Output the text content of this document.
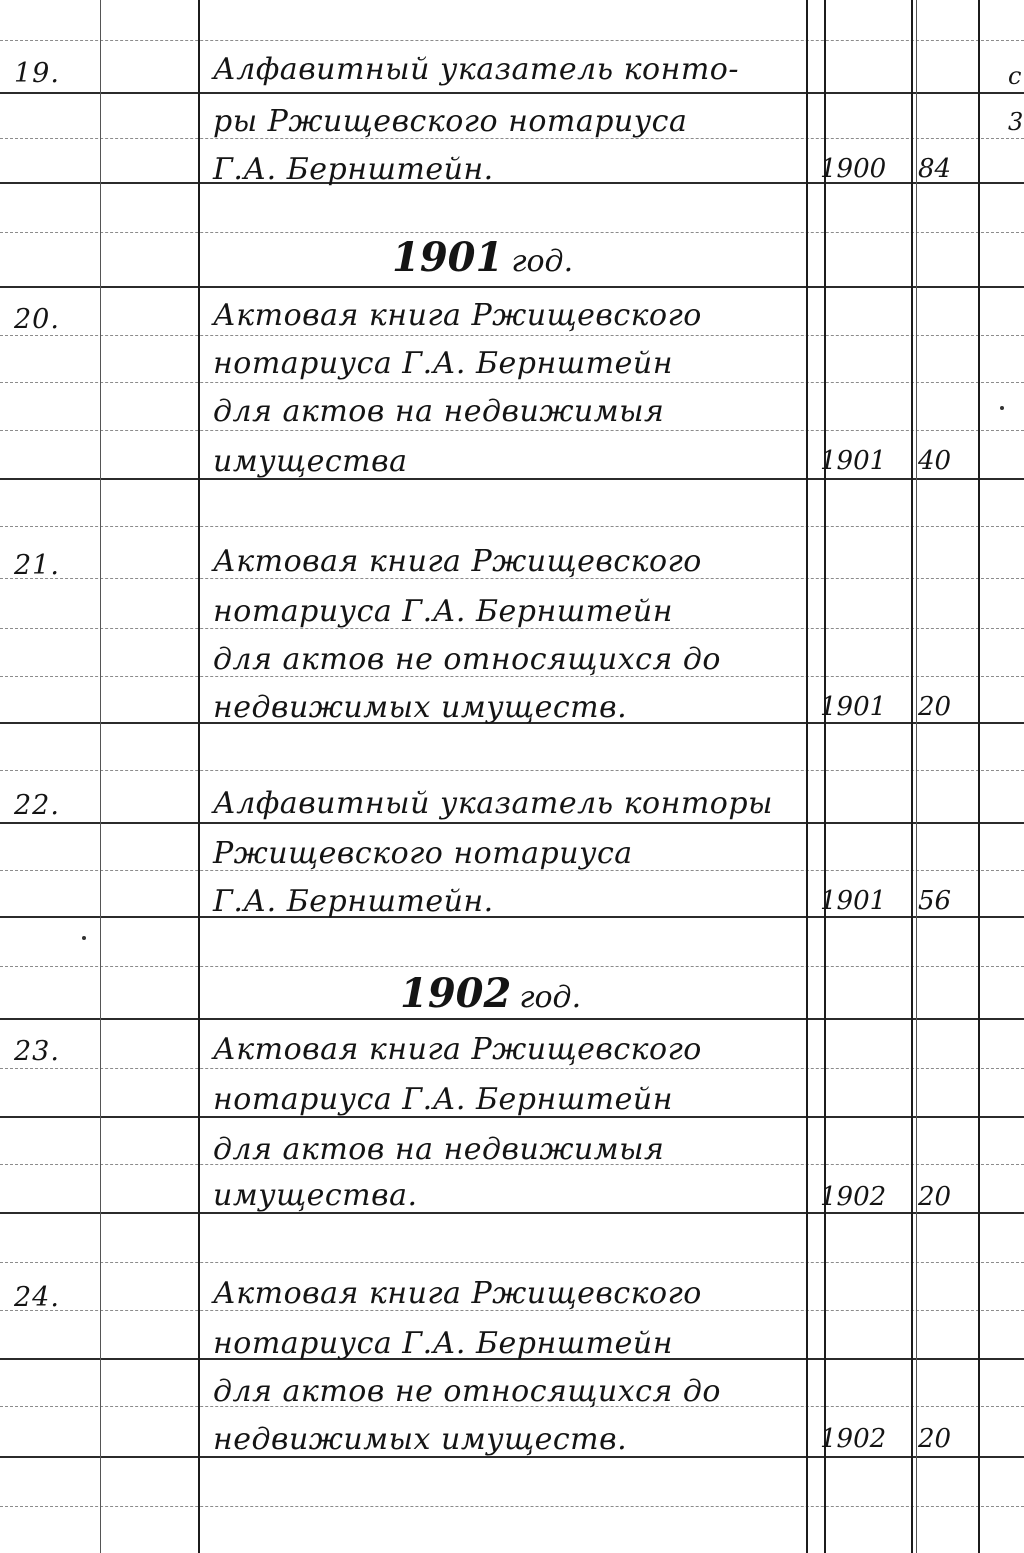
19.	Алфавитный указатель конто-
ры Ржищевского нотариуса
Г.А. Бернштейн.	1900 84
1901 год.
20.	Актовая книга Ржищевского
нотариуса Г.А. Бернштейн
для актов на недвижимыя
имущества	1901 40
21.	Актовая книга Ржищевского
нотариуса Г.А. Бернштейн
для актов не относящихся до
недвижимых имуществ.	1901 20
22.	Алфавитный указатель конторы
Ржищевского нотариуса
Г.А. Бернштейн.	1901 56
1902 год.
23.	Актовая книга Ржищевского
нотариуса Г.А. Бернштейн
для актов на недвижимыя
имущества.	1902 20
24.	Актовая книга Ржищевского
нотариуса Г.А. Бернштейн
для актов не относящихся до
недвижимых имуществ.	1902 20
с
3
